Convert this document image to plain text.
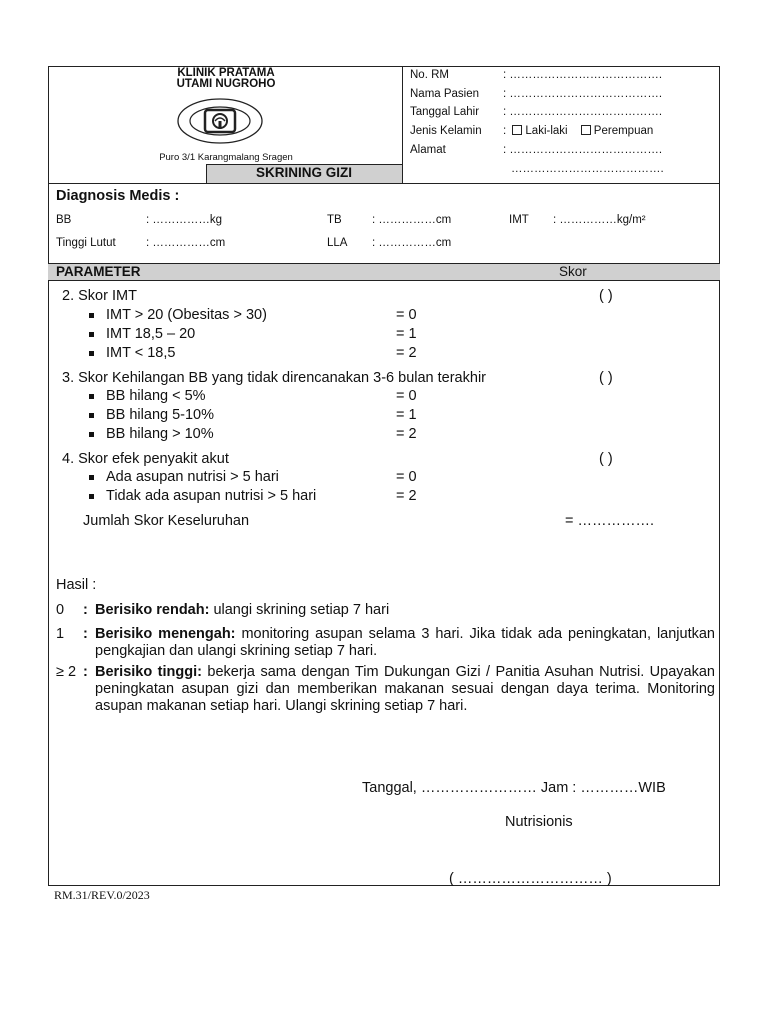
SKRINING GIZI
KLINIK PRATAMA
UTAMI NUGROHO
Puro 3/1 Karangmalang Sragen
No. RM	: ………………………………….
Nama Pasien : ………………………………….
Tanggal Lahir : ………………………………….
Jenis Kelamin : Laki-laki Perempuan
Alamat	: ………………………………….
………………………………….
Diagnosis Medis :
BB	: ……………kg	TB	: ……………cm	IMT : ……………kg/m²
Tinggi Lutut	: ……………cm	LLA : ……………cm
PARAMETER	Skor
2. Skor IMT	( )
IMT > 20 (Obesitas > 30)	= 0
IMT 18,5 – 20	= 1
IMT < 18,5	= 2
3. Skor Kehilangan BB yang tidak direncanakan 3-6 bulan terakhir	( )
BB hilang < 5%	= 0
BB hilang 5-10%	= 1
BB hilang > 10%	= 2
4. Skor efek penyakit akut	( )
Ada asupan nutrisi > 5 hari	= 0
Tidak ada asupan nutrisi > 5 hari	= 2
Jumlah Skor Keseluruhan	= …………….
Hasil :
0 : Berisiko rendah: ulangi skrining setiap 7 hari
1 : Berisiko menengah: monitoring asupan selama 3 hari. Jika tidak ada peningkatan, lanjutkan pengkajian dan ulangi skrining setiap 7 hari.
≥ 2 : Berisiko tinggi: bekerja sama dengan Tim Dukungan Gizi / Panitia Asuhan Nutrisi. Upayakan peningkatan asupan gizi dan memberikan makanan sesuai dengan daya terima. Monitoring asupan makanan setiap hari. Ulangi skrining setiap 7 hari.
Tanggal, …………………… Jam : …………WIB
Nutrisionis
( ………………………… )
RM.31/REV.0/2023
